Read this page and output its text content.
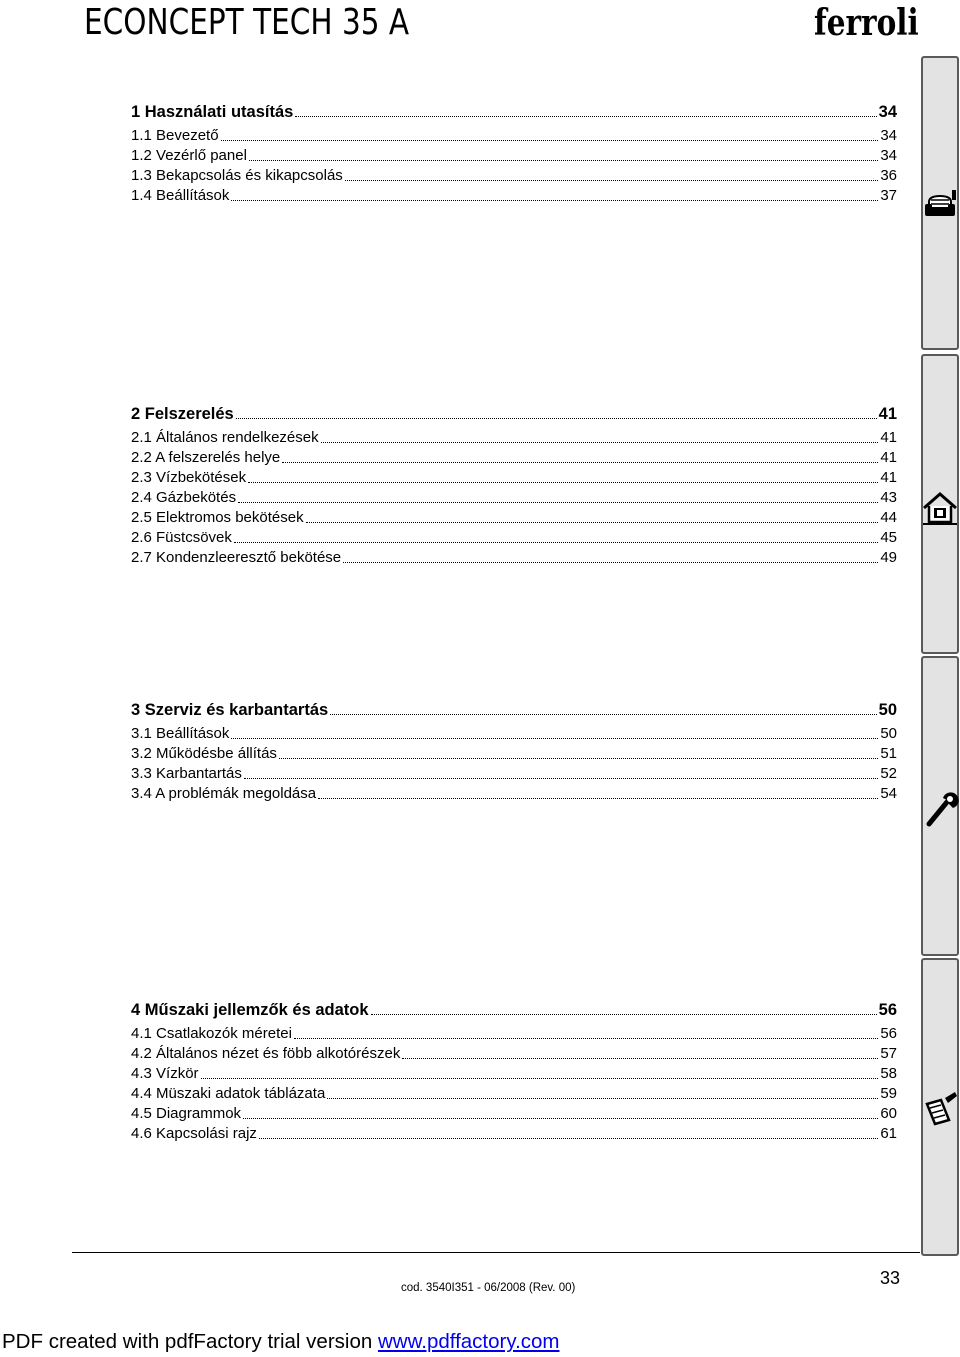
ECONCEPT TECH 35 A	ferroli
1 Használati utasítás	34
1.1 Bevezető	34
1.2 Vezérlő panel	34
1.3 Bekapcsolás és kikapcsolás	36
1.4 Beállítások	37
2 Felszerelés	41
2.1 Általános rendelkezések	41
2.2 A felszerelés helye	41
2.3 Vízbekötések	41
2.4 Gázbekötés	43
2.5 Elektromos bekötések	44
2.6 Füstcsövek	45
2.7 Kondenzleeresztő bekötése	49
3 Szerviz és karbantartás	50
3.1 Beállítások	50
3.2 Működésbe állítás	51
3.3 Karbantartás	52
3.4 A problémák megoldása	54
4 Műszaki jellemzők és adatok	56
4.1 Csatlakozók méretei	56
4.2 Általános nézet és föbb alkotórészek	57
4.3 Vízkör	58
4.4 Müszaki adatok táblázata	59
4.5 Diagrammok	60
4.6 Kapcsolási rajz	61
cod. 3540I351 - 06/2008 (Rev. 00)	33
PDF created with pdfFactory trial version www.pdffactory.com
